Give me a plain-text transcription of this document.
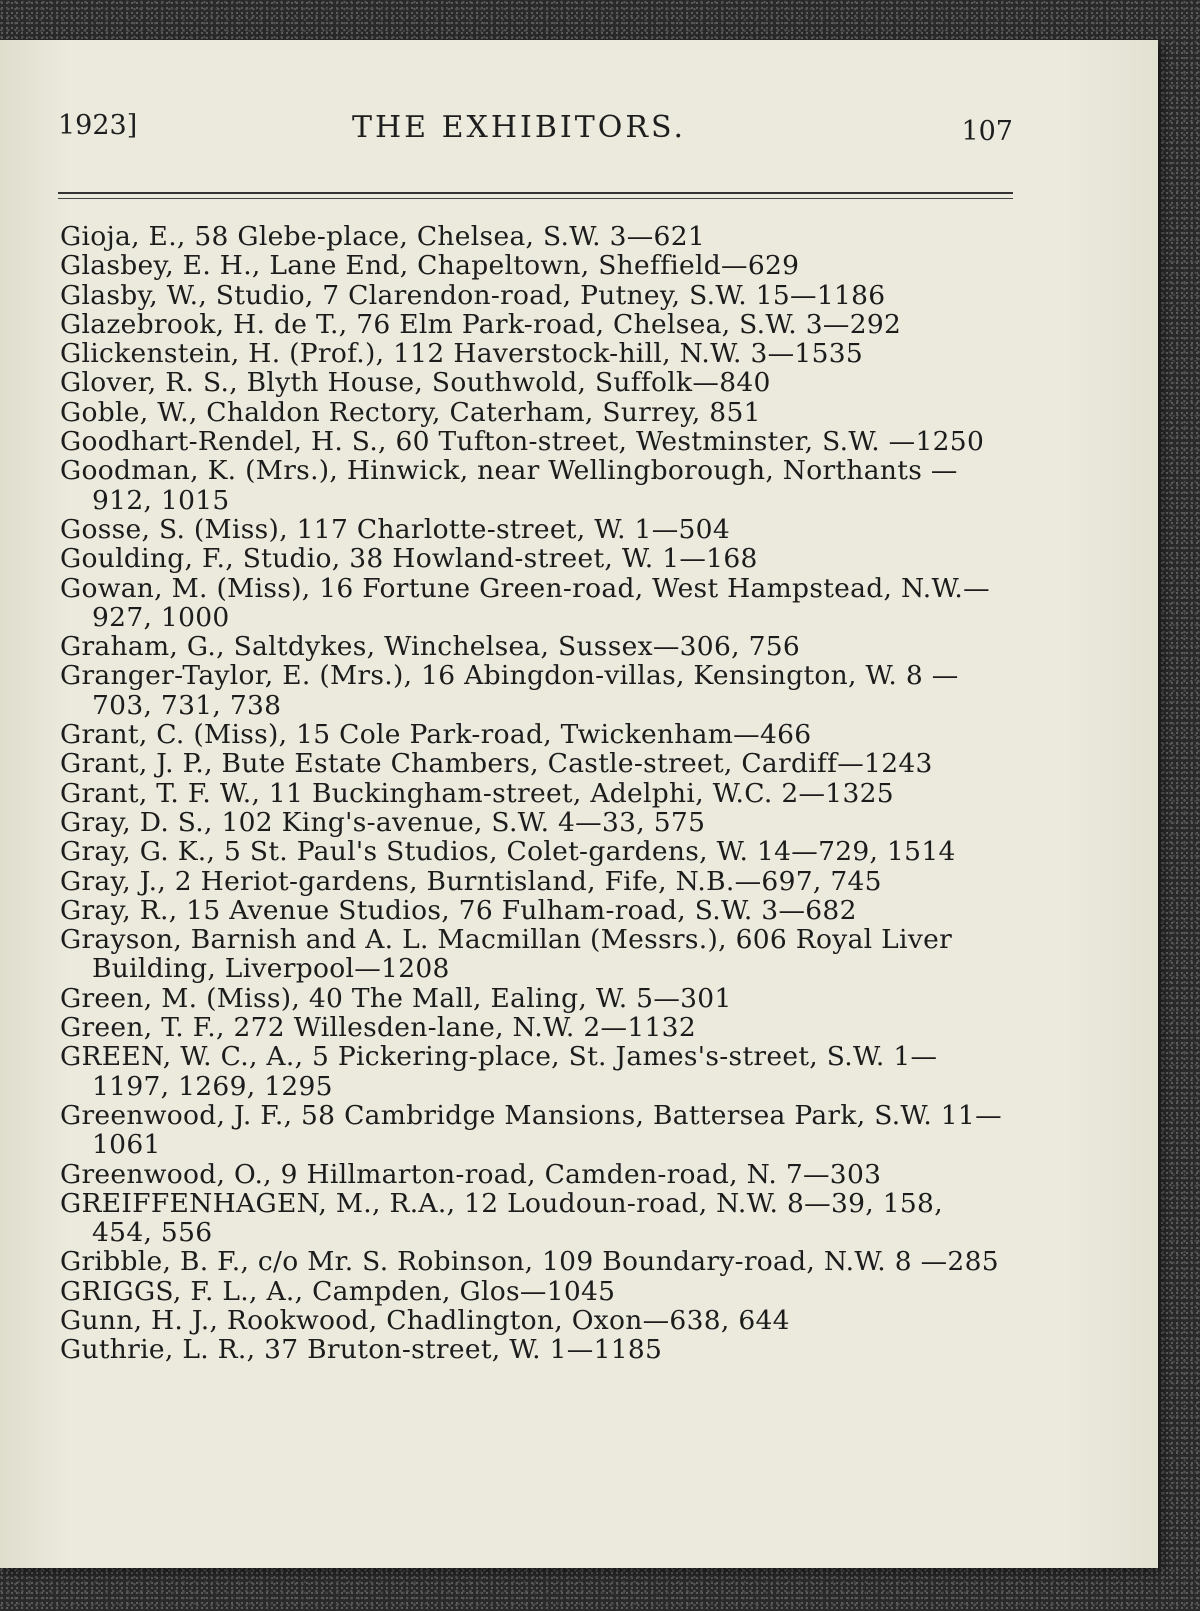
1923]	THE EXHIBITORS.	107

Gioja, E., 58 Glebe-place, Chelsea, S.W. 3—621

Glasbey, E. H., Lane End, Chapeltown, Sheffield—629

Glasby, W., Studio, 7 Clarendon-road, Putney, S.W. 15—1186

Glazebrook, H. de T., 76 Elm Park-road, Chelsea, S.W. 3—292

Glickenstein, H. (Prof.), 112 Haverstock-hill, N.W. 3—1535

Glover, R. S., Blyth House, Southwold, Suffolk—840

Goble, W., Chaldon Rectory, Caterham, Surrey, 851

Goodhart-Rendel, H. S., 60 Tufton-street, Westminster, S.W. —1250

Goodman, K. (Mrs.), Hinwick, near Wellingborough, Northants —912, 1015

Gosse, S. (Miss), 117 Charlotte-street, W. 1—504

Goulding, F., Studio, 38 Howland-street, W. 1—168

Gowan, M. (Miss), 16 Fortune Green-road, West Hampstead, N.W.—927, 1000

Graham, G., Saltdykes, Winchelsea, Sussex—306, 756

Granger-Taylor, E. (Mrs.), 16 Abingdon-villas, Kensington, W. 8 —703, 731, 738

Grant, C. (Miss), 15 Cole Park-road, Twickenham—466

Grant, J. P., Bute Estate Chambers, Castle-street, Cardiff—1243

Grant, T. F. W., 11 Buckingham-street, Adelphi, W.C. 2—1325

Gray, D. S., 102 King's-avenue, S.W. 4—33, 575

Gray, G. K., 5 St. Paul's Studios, Colet-gardens, W. 14—729, 1514

Gray, J., 2 Heriot-gardens, Burntisland, Fife, N.B.—697, 745

Gray, R., 15 Avenue Studios, 76 Fulham-road, S.W. 3—682

Grayson, Barnish and A. L. Macmillan (Messrs.), 606 Royal Liver Building, Liverpool—1208

Green, M. (Miss), 40 The Mall, Ealing, W. 5—301

Green, T. F., 272 Willesden-lane, N.W. 2—1132

GREEN, W. C., A., 5 Pickering-place, St. James's-street, S.W. 1—1197, 1269, 1295

Greenwood, J. F., 58 Cambridge Mansions, Battersea Park, S.W. 11—1061

Greenwood, O., 9 Hillmarton-road, Camden-road, N. 7—303

GREIFFENHAGEN, M., R.A., 12 Loudoun-road, N.W. 8—39, 158, 454, 556

Gribble, B. F., c/o Mr. S. Robinson, 109 Boundary-road, N.W. 8 —285

GRIGGS, F. L., A., Campden, Glos—1045

Gunn, H. J., Rookwood, Chadlington, Oxon—638, 644

Guthrie, L. R., 37 Bruton-street, W. 1—1185
